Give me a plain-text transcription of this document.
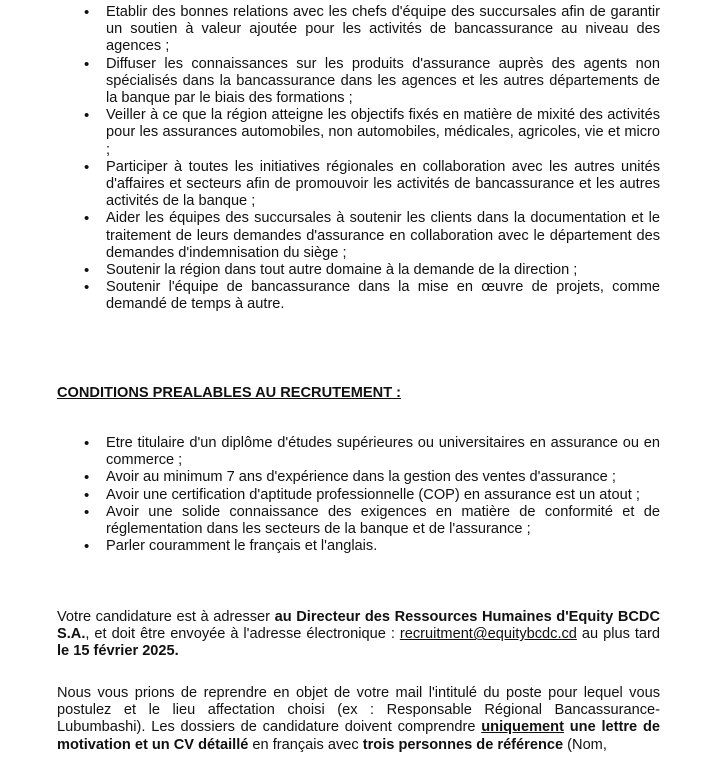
• Etablir des bonnes relations avec les chefs d'équipe des succursales afin de garantir un soutien à valeur ajoutée pour les activités de bancassurance au niveau des agences ;
• Diffuser les connaissances sur les produits d'assurance auprès des agents non spécialisés dans la bancassurance dans les agences et les autres départements de la banque par le biais des formations ;
• Veiller à ce que la région atteigne les objectifs fixés en matière de mixité des activités pour les assurances automobiles, non automobiles, médicales, agricoles, vie et micro ;
• Participer à toutes les initiatives régionales en collaboration avec les autres unités d'affaires et secteurs afin de promouvoir les activités de bancassurance et les autres activités de la banque ;
• Aider les équipes des succursales à soutenir les clients dans la documentation et le traitement de leurs demandes d'assurance en collaboration avec le département des demandes d'indemnisation du siège ;
• Soutenir la région dans tout autre domaine à la demande de la direction ;
• Soutenir l'équipe de bancassurance dans la mise en œuvre de projets, comme demandé de temps à autre.
CONDITIONS PREALABLES AU RECRUTEMENT :
• Etre titulaire d'un diplôme d'études supérieures ou universitaires en assurance ou en commerce ;
• Avoir au minimum 7 ans d'expérience dans la gestion des ventes d'assurance ;
• Avoir une certification d'aptitude professionnelle (COP) en assurance est un atout ;
• Avoir une solide connaissance des exigences en matière de conformité et de réglementation dans les secteurs de la banque et de l'assurance ;
• Parler couramment le français et l'anglais.

Votre candidature est à adresser au Directeur des Ressources Humaines d'Equity BCDC S.A., et doit être envoyée à l'adresse électronique : recruitment@equitybcdc.cd au plus tard le 15 février 2025.

Nous vous prions de reprendre en objet de votre mail l'intitulé du poste pour lequel vous postulez et le lieu affectation choisi (ex : Responsable Régional Bancassurance-Lubumbashi). Les dossiers de candidature doivent comprendre uniquement une lettre de motivation et un CV détaillé en français avec trois personnes de référence (Nom,
